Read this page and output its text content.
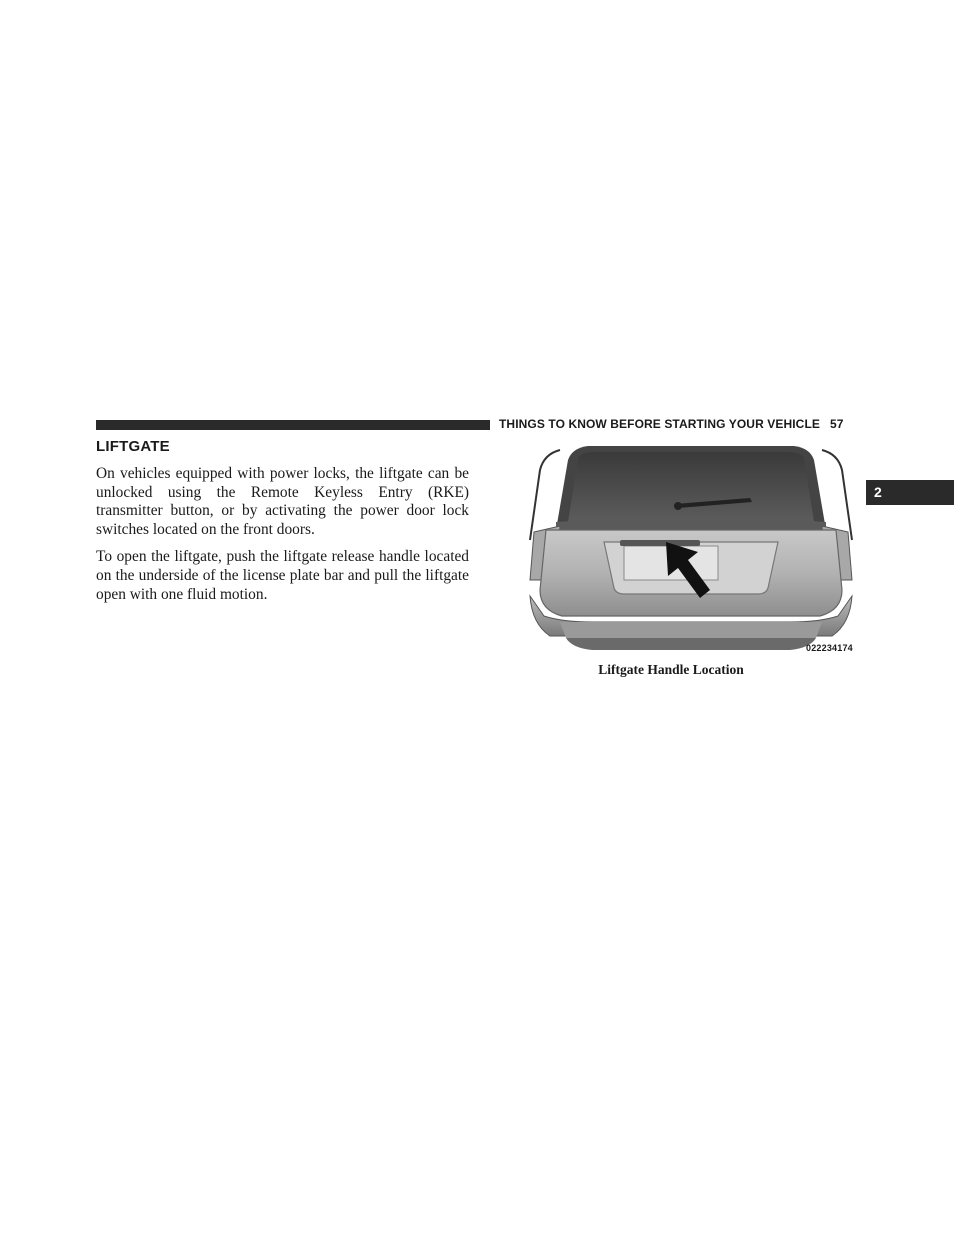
THINGS TO KNOW BEFORE STARTING YOUR VEHICLE 57
2
LIFTGATE

On vehicles equipped with power locks, the liftgate can be unlocked using the Remote Keyless Entry (RKE) transmitter button, or by activating the power door lock switches located on the front doors.

To open the liftgate, push the liftgate release handle located on the underside of the license plate bar and pull the liftgate open with one fluid motion.

022234174
Liftgate Handle Location
